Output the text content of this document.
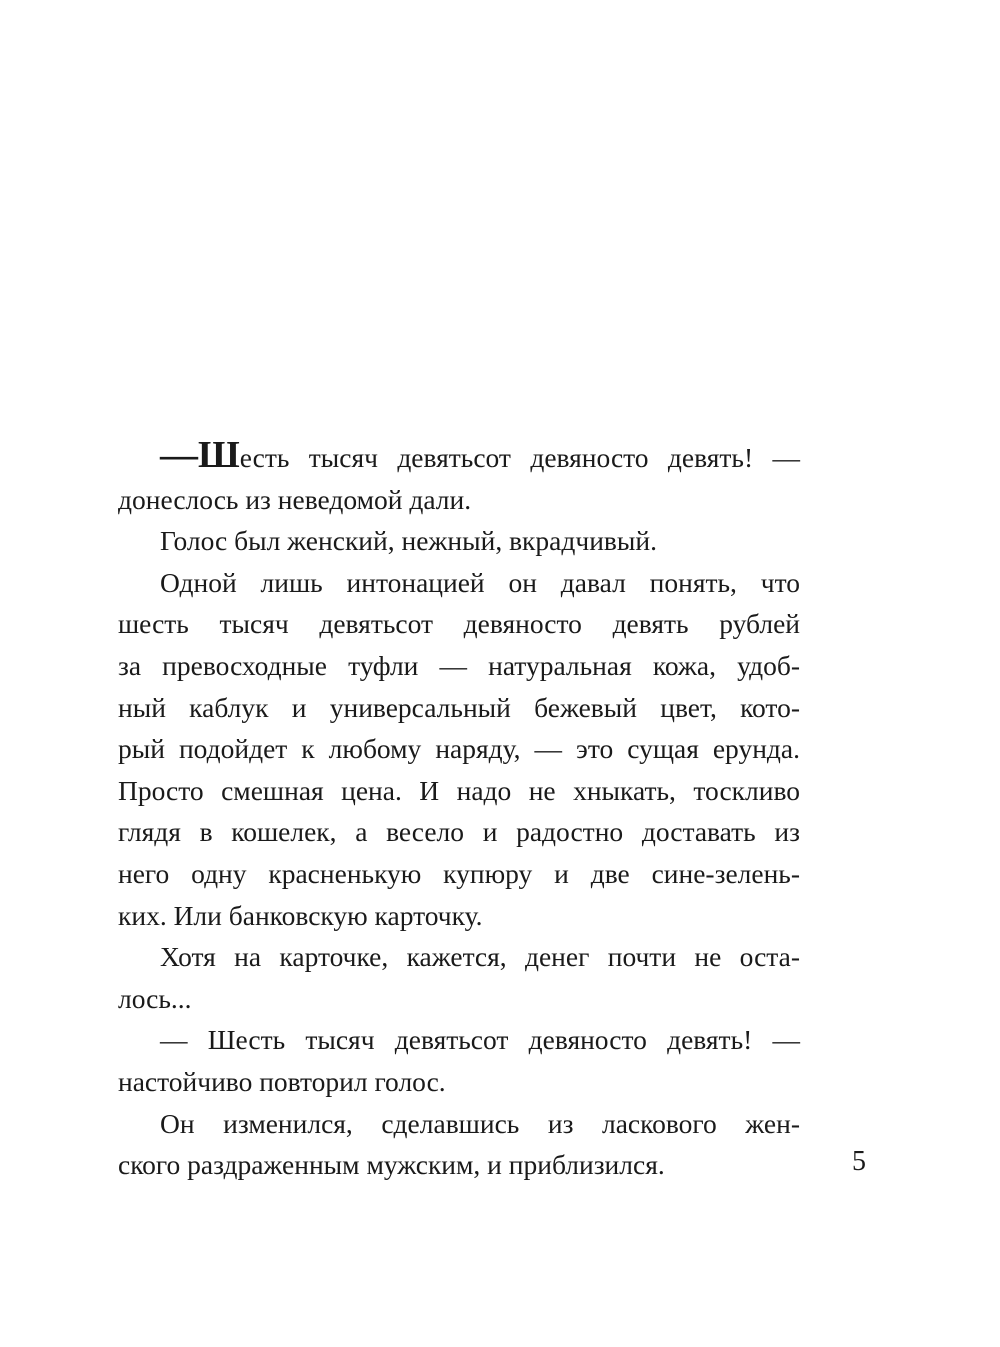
—Шесть тысяч девятьсот девяносто девять! —
донеслось из неведомой дали.
Голос был женский, нежный, вкрадчивый.
Одной лишь интонацией он давал понять, что
шесть тысяч девятьсот девяносто девять рублей
за превосходные туфли — натуральная кожа, удоб-
ный каблук и универсальный бежевый цвет, кото-
рый подойдет к любому наряду, — это сущая ерунда.
Просто смешная цена. И надо не хныкать, тоскливо
глядя в кошелек, а весело и радостно доставать из
него одну красненькую купюру и две сине-зелень-
ких. Или банковскую карточку.
Хотя на карточке, кажется, денег почти не оста-
лось...
— Шесть тысяч девятьсот девяносто девять! —
настойчиво повторил голос.
Он изменился, сделавшись из ласкового жен-
ского раздраженным мужским, и приблизился.	5
